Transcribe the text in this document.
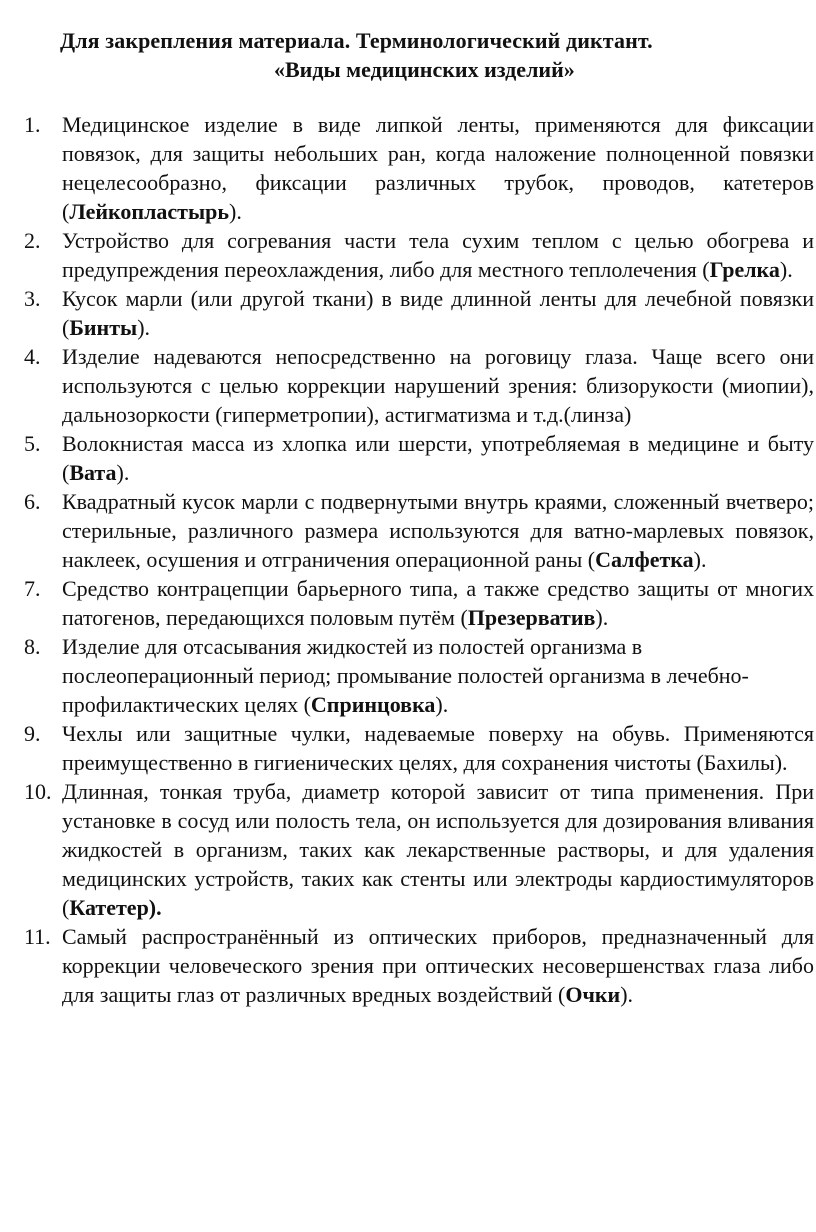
Для закрепления материала. Терминологический диктант.
«Виды медицинских изделий»
1. Медицинское изделие в виде липкой ленты, применяются для фиксации повязок, для защиты небольших ран, когда наложение полноценной повязки нецелесообразно, фиксации различных трубок, проводов, катетеров (Лейкопластырь).
2. Устройство для согревания части тела сухим теплом с целью обогрева и предупреждения переохлаждения, либо для местного теплолечения (Грелка).
3. Кусок марли (или другой ткани) в виде длинной ленты для лечебной повязки (Бинты).
4. Изделие надеваются непосредственно на роговицу глаза. Чаще всего они используются с целью коррекции нарушений зрения: близорукости (миопии), дальнозоркости (гиперметропии), астигматизма и т.д.(линза)
5. Волокнистая масса из хлопка или шерсти, употребляемая в медицине и быту (Вата).
6. Квадратный кусок марли с подвернутыми внутрь краями, сложенный вчетверо; стерильные, различного размера используются для ватно-марлевых повязок, наклеек, осушения и отграничения операционной раны (Салфетка).
7. Средство контрацепции барьерного типа, а также средство защиты от многих патогенов, передающихся половым путём (Презерватив).
8. Изделие для отсасывания жидкостей из полостей организма в послеоперационный период; промывание полостей организма в лечебно-профилактических целях (Спринцовка).
9. Чехлы или защитные чулки, надеваемые поверху на обувь. Применяются преимущественно в гигиенических целях, для сохранения чистоты (Бахилы).
10. Длинная, тонкая труба, диаметр которой зависит от типа применения. При установке в сосуд или полость тела, он используется для дозирования вливания жидкостей в организм, таких как лекарственные растворы, и для удаления медицинских устройств, таких как стенты или электроды кардиостимуляторов (Катетер).
11. Самый распространённый из оптических приборов, предназначенный для коррекции человеческого зрения при оптических несовершенствах глаза либо для защиты глаз от различных вредных воздействий (Очки).
